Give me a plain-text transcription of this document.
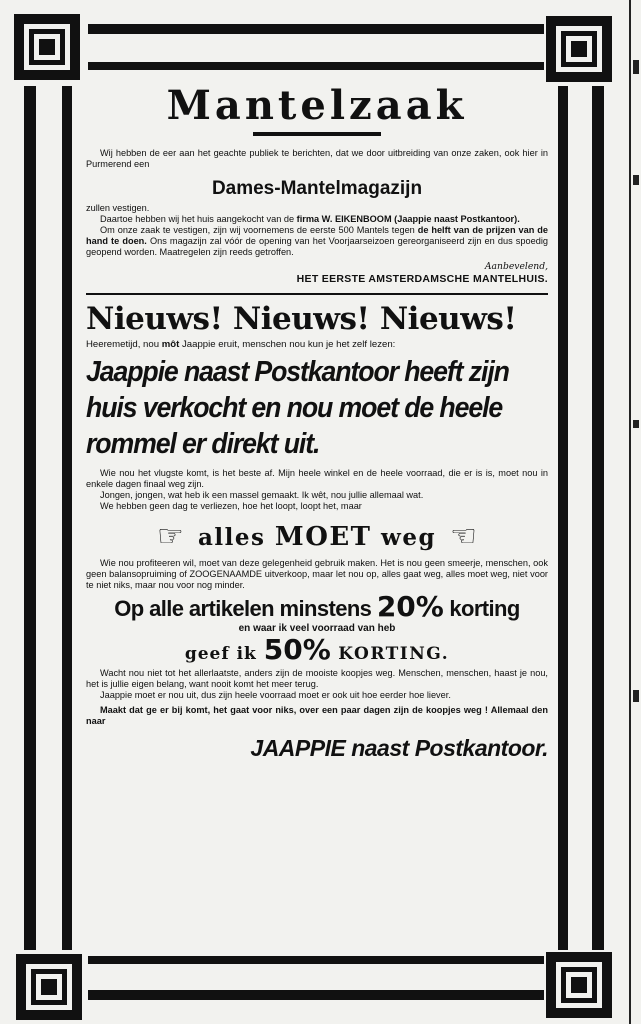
Mantelzaak

Wij hebben de eer aan het geachte publiek te berichten, dat we door uitbreiding van onze zaken, ook hier in Purmerend een

Dames-Mantelmagazijn

zullen vestigen.

Daartoe hebben wij het huis aangekocht van de firma W. EIKENBOOM (Jaappie naast Postkantoor).

Om onze zaak te vestigen, zijn wij voornemens de eerste 500 Mantels tegen de helft van de prijzen van de hand te doen. Ons magazijn zal vóór de opening van het Voorjaarseizoen gereorganiseerd zijn en dus spoedig geopend worden. Maatregelen zijn reeds getroffen.

Aanbevelend,
HET EERSTE AMSTERDAMSCHE MANTELHUIS.
Nieuws! Nieuws! Nieuws!

Heeremetijd, nou môt Jaappie eruit, menschen nou kun je het zelf lezen:

Jaappie naast Postkantoor heeft zijn huis verkocht en nou moet de heele rommel er direkt uit.

Wie nou het vlugste komt, is het beste af. Mijn heele winkel en de heele voorraad, die er is is, moet nou in enkele dagen finaal weg zijn.

Jongen, jongen, wat heb ik een massel gemaakt. Ik wêt, nou jullie allemaal wat.

We hebben geen dag te verliezen, hoe het loopt, loopt het, maar

☜ alles MOET weg ☜

Wie nou profiteeren wil, moet van deze gelegenheid gebruik maken. Het is nou geen smeerje, menschen, ook geen balansopruiming of ZOOGENAAMDE uitverkoop, maar let nou op, alles gaat weg, alles moet weg, niet voor te niet niks, maar nou voor nog minder.

Op alle artikelen minstens 20% korting
en waar ik veel voorraad van heb
geef ik 50% KORTING.

Wacht nou niet tot het allerlaatste, anders zijn de mooiste koopjes weg. Menschen, menschen, haast je nou, het is jullie eigen belang, want nooit komt het meer terug.

Jaappie moet er nou uit, dus zijn heele voorraad moet er ook uit hoe eerder hoe liever.

Maakt dat ge er bij komt, het gaat voor niks, over een paar dagen zijn de koopjes weg ! Allemaal den naar

JAAPPIE naast Postkantoor.
